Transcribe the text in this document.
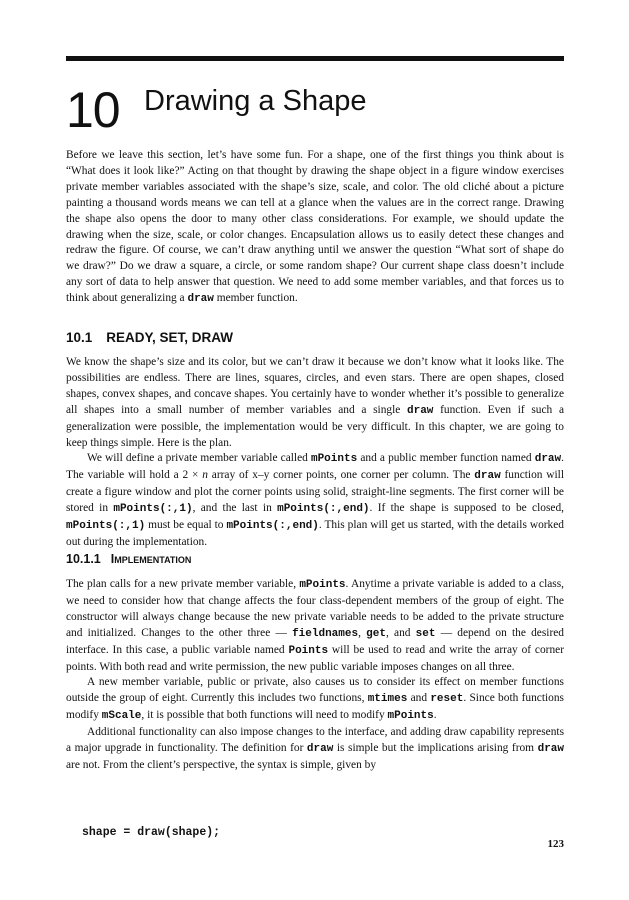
10 Drawing a Shape

Before we leave this section, let’s have some fun. For a shape, one of the first things you think about is “What does it look like?” Acting on that thought by drawing the shape object in a figure window exercises private member variables associated with the shape’s size, scale, and color. The old cliché about a picture painting a thousand words means we can tell at a glance when the values are in the correct range. Drawing the shape also opens the door to many other class considerations. For example, we should update the drawing when the size, scale, or color changes. Encapsulation allows us to easily detect these changes and redraw the figure. Of course, we can’t draw anything until we answer the question “What sort of shape do we draw?” Do we draw a square, a circle, or some random shape? Our current shape class doesn’t include any sort of data to help answer that question. We need to add some member variables, and that forces us to think about generalizing a draw member function.

10.1 READY, SET, DRAW

We know the shape’s size and its color, but we can’t draw it because we don’t know what it looks like. The possibilities are endless. There are lines, squares, circles, and even stars. There are open shapes, closed shapes, convex shapes, and concave shapes. You certainly have to wonder whether it’s possible to generalize all shapes into a small number of member variables and a single draw function. Even if such a generalization were possible, the implementation would be very difficult. In this chapter, we are going to keep things simple. Here is the plan.

We will define a private member variable called mPoints and a public member function named draw. The variable will hold a 2 × n array of x–y corner points, one corner per column. The draw function will create a figure window and plot the corner points using solid, straight-line segments. The first corner will be stored in mPoints(:,1), and the last in mPoints(:,end). If the shape is supposed to be closed, mPoints(:,1) must be equal to mPoints(:,end). This plan will get us started, with the details worked out during the implementation.

10.1.1 Implementation

The plan calls for a new private member variable, mPoints. Anytime a private variable is added to a class, we need to consider how that change affects the four class-dependent members of the group of eight. The constructor will always change because the new private variable needs to be added to the private structure and initialized. Changes to the other three — fieldnames, get, and set — depend on the desired interface. In this case, a public variable named Points will be used to read and write the array of corner points. With both read and write permission, the new public variable imposes changes on all three.

A new member variable, public or private, also causes us to consider its effect on member functions outside the group of eight. Currently this includes two functions, mtimes and reset. Since both functions modify mScale, it is possible that both functions will need to modify mPoints.

Additional functionality can also impose changes to the interface, and adding draw capability represents a major upgrade in functionality. The definition for draw is simple but the implications arising from draw are not. From the client’s perspective, the syntax is simple, given by

shape = draw(shape);
123
